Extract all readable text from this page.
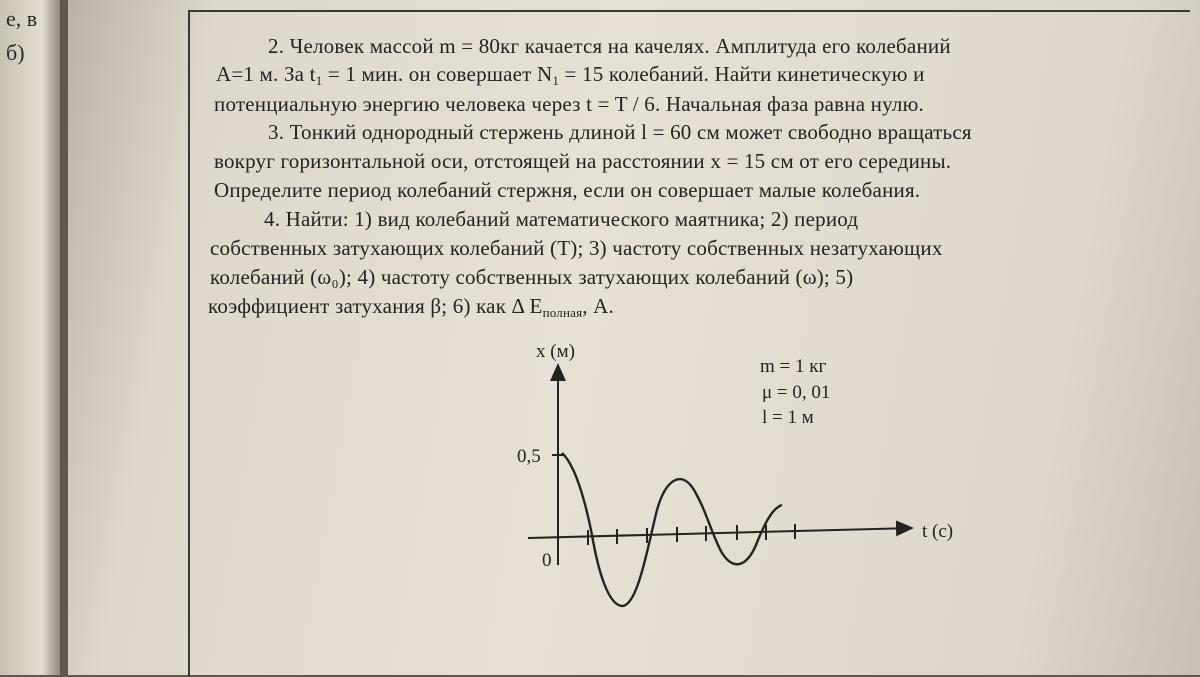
е, в
б)	2. Человек массой m = 80кг качается на качелях. Амплитуда его колебаний
A=1 м. За $t_1 = 1$ мин. он совершает $N_1 = 15$ колебаний. Найти кинетическую и
потенциальную энергию человека через t = T / 6. Начальная фаза равна нулю.
3. Тонкий однородный стержень длиной l = 60 см может свободно вращаться
вокруг горизонтальной оси, отстоящей на расстоянии x = 15 см от его середины.
Определите период колебаний стержня, если он совершает малые колебания.
4. Найти: 1) вид колебаний математического маятника; 2) период
собственных затухающих колебаний (T); 3) частоту собственных незатухающих
колебаний (ω₀); 4) частоту собственных затухающих колебаний (ω); 5)
коэффициент затухания β; 6) как Δ $E_{полная}$, A.
x (м)
t (с)
0,5
0
m = 1 кг
μ = 0, 01
l = 1 м
